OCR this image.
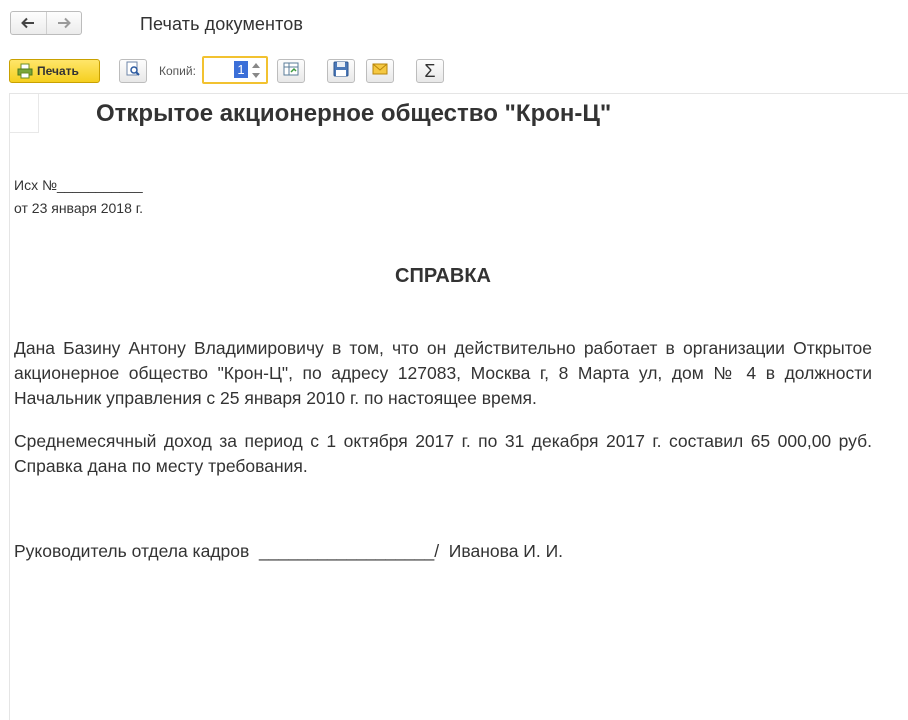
Печать документов
Печать	Копий:
1	Σ
Открытое акционерное общество "Крон-Ц"
Исх №___________
от 23 января 2018 г.
СПРАВКА
Дана Базину Антону Владимировичу в том, что он действительно работает в организации Открытое акционерное общество "Крон-Ц", по адресу 127083, Москва г, 8 Марта ул, дом № 4 в должности Начальник управления с 25 января 2010 г. по настоящее время.
Среднемесячный доход за период с 1 октября 2017 г. по 31 декабря 2017 г. составил 65 000,00 руб. Справка дана по месту требования.
Руководитель отдела кадров  __________________/  Иванова И. И.
